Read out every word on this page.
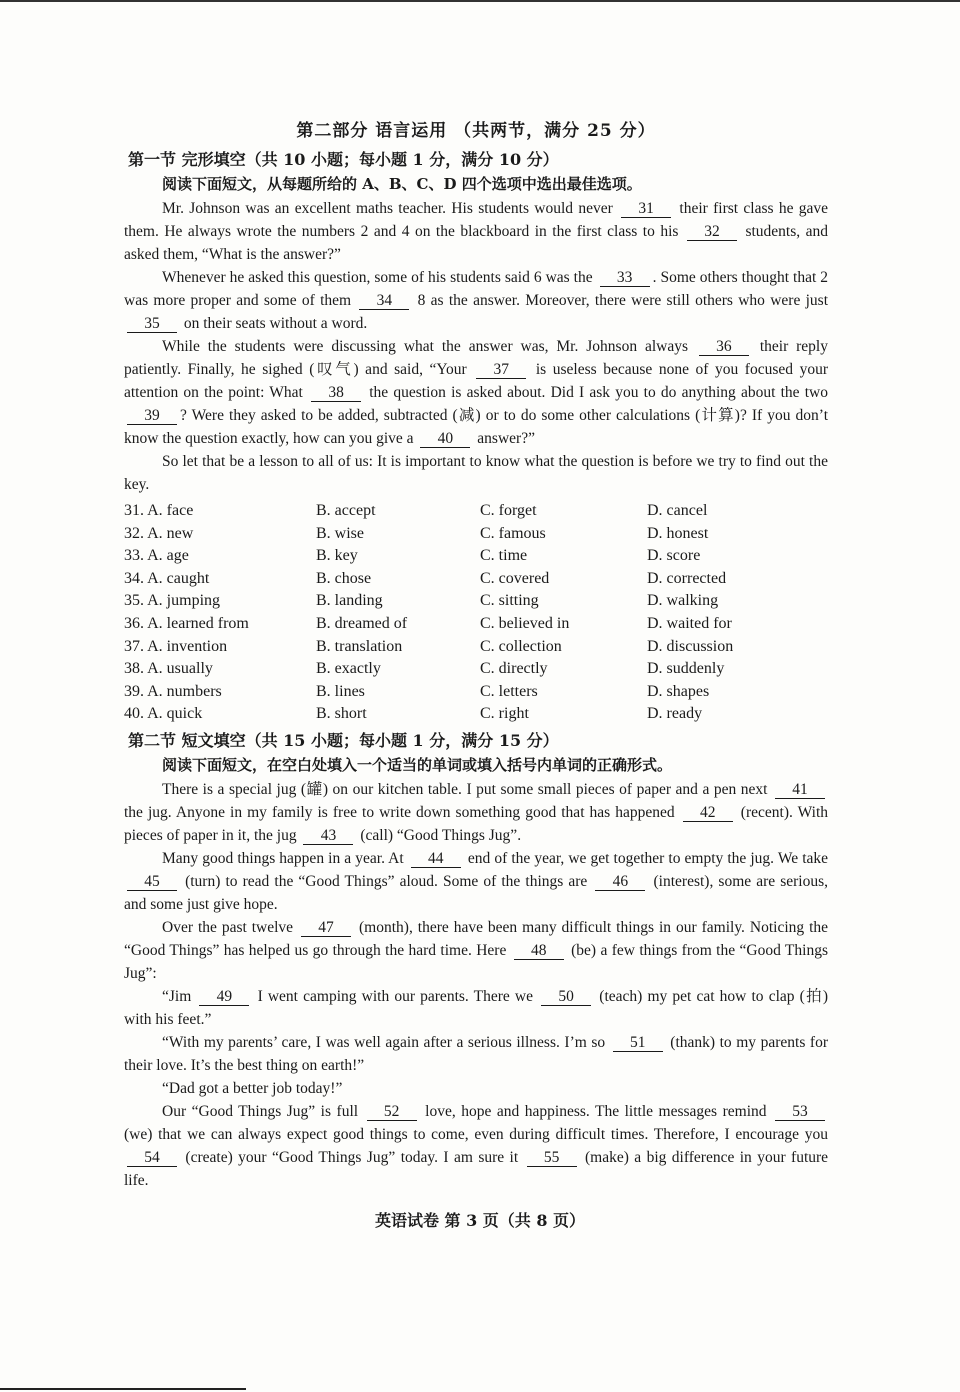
第二部分 语言运用 （共两节，满分 25 分）
第一节 完形填空（共 10 小题；每小题 1 分，满分 10 分）
阅读下面短文，从每题所给的 A、B、C、D 四个选项中选出最佳选项。

Mr. Johnson was an excellent maths teacher. His students would never 31 their first class he gave them. He always wrote the numbers 2 and 4 on the blackboard in the first class to his 32 students, and asked them, “What is the answer?”

Whenever he asked this question, some of his students said 6 was the 33 . Some others thought that 2 was more proper and some of them 34 8 as the answer. Moreover, there were still others who were just 35 on their seats without a word.

While the students were discussing what the answer was, Mr. Johnson always 36 their reply patiently. Finally, he sighed (叹气) and said, “Your 37 is useless because none of you focused your attention on the point: What 38 the question is asked about. Did I ask you to do anything about the two 39 ? Were they asked to be added, subtracted (减) or to do some other calculations (计算)? If you don’t know the question exactly, how can you give a 40 answer?”

So let that be a lesson to all of us: It is important to know what the question is before we try to find out the key.

31. A. face	B. accept	C. forget	D. cancel
32. A. new	B. wise	C. famous	D. honest
33. A. age	B. key	C. time	D. score
34. A. caught	B. chose	C. covered	D. corrected
35. A. jumping	B. landing	C. sitting	D. walking
36. A. learned from	B. dreamed of	C. believed in	D. waited for
37. A. invention	B. translation	C. collection	D. discussion
38. A. usually	B. exactly	C. directly	D. suddenly
39. A. numbers	B. lines	C. letters	D. shapes
40. A. quick	B. short	C. right	D. ready
第二节 短文填空（共 15 小题；每小题 1 分，满分 15 分）
阅读下面短文，在空白处填入一个适当的单词或填入括号内单词的正确形式。

There is a special jug (罐) on our kitchen table. I put some small pieces of paper and a pen next 41 the jug. Anyone in my family is free to write down something good that has happened 42 (recent). With pieces of paper in it, the jug 43 (call) “Good Things Jug”.

Many good things happen in a year. At 44 end of the year, we get together to empty the jug. We take 45 (turn) to read the “Good Things” aloud. Some of the things are 46 (interest), some are serious, and some just give hope.

Over the past twelve 47 (month), there have been many difficult things in our family. Noticing the “Good Things” has helped us go through the hard time. Here 48 (be) a few things from the “Good Things Jug”:

“Jim 49 I went camping with our parents. There we 50 (teach) my pet cat how to clap (拍) with his feet.”

“With my parents’ care, I was well again after a serious illness. I’m so 51 (thank) to my parents for their love. It’s the best thing on earth!”

“Dad got a better job today!”

Our “Good Things Jug” is full 52 love, hope and happiness. The little messages remind 53 (we) that we can always expect good things to come, even during difficult times. Therefore, I encourage you 54 (create) your “Good Things Jug” today. I am sure it 55 (make) a big difference in your future life.

英语试卷 第 3 页（共 8 页）
